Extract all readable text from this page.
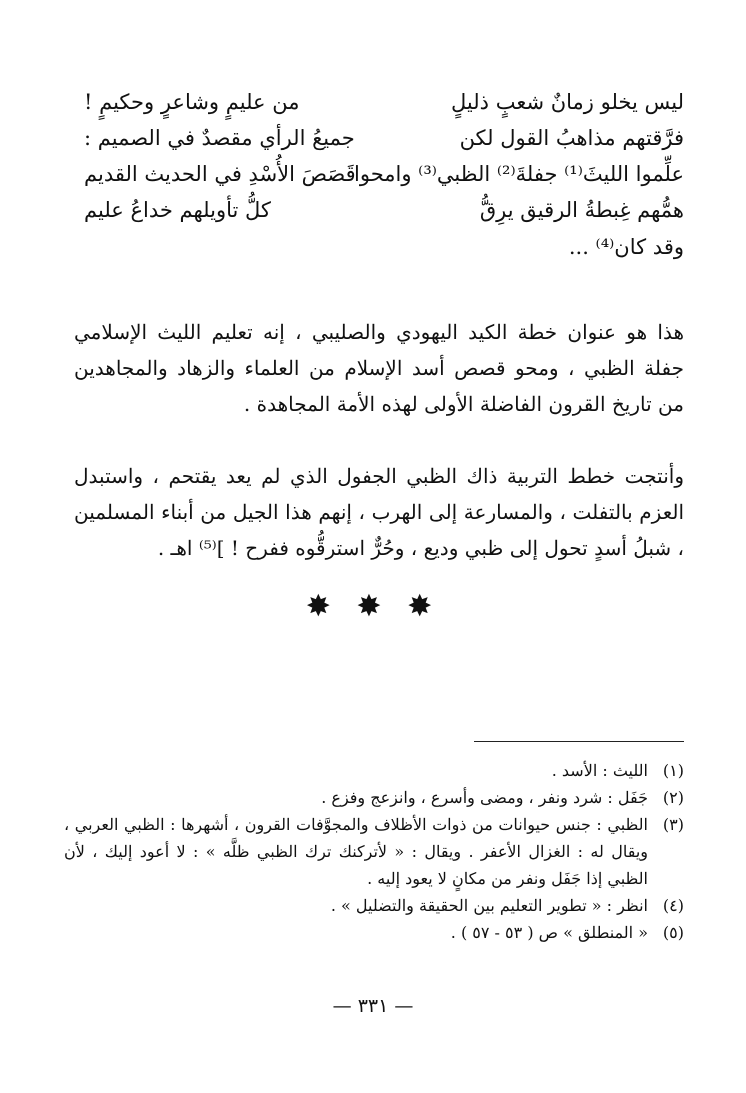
ليس يخلو زمانٌ شعبٍ ذليلٍ
من عليمٍ وشاعرٍ وحكيمٍ !
فرَّقتهم مذاهبُ القول لكن
جميعُ الرأي مقصدٌ في الصميم :
علِّموا الليثَ⁽¹⁾ جفلةَ⁽²⁾ الظبي⁽³⁾ وامحوا
قَصَصَ الأُسْدِ في الحديث القديم
همُّهم غِبطةُ الرقيق يرِقُّ
كلُّ تأويلهم خداعُ عليم
وقد كان⁽⁴⁾ ...

هذا هو عنوان خطة الكيد اليهودي والصليبي ، إنه تعليم الليث الإسلامي جفلة الظبي ، ومحو قصص أسد الإسلام من العلماء والزهاد والمجاهدين من تاريخ القرون الفاضلة الأولى لهذه الأمة المجاهدة .

وأنتجت خطط التربية ذاك الظبي الجفول الذي لم يعد يقتحم ، واستبدل العزم بالتفلت ، والمسارعة إلى الهرب ، إنهم هذا الجيل من أبناء المسلمين ، شبلُ أسدٍ تحول إلى ظبي وديع ، وحُرٌّ استرقُّوه ففرح ! ]⁽⁵⁾ اهـ .

✸ ✸ ✸
(١)
الليث : الأسد .
(٢)
جَفَل : شرد ونفر ، ومضى وأسرع ، وانزعج وفزع .
(٣)
الظبي : جنس حيوانات من ذوات الأظلاف والمجوَّفات القرون ، أشهرها : الظبي العربي ، ويقال له : الغزال الأعفر . ويقال : « لأتركنك ترك الظبي ظلَّه » : لا أعود إليك ، لأن الظبي إذا جَفَل ونفر من مكانٍ لا يعود إليه .
(٤)
انظر : « تطوير التعليم بين الحقيقة والتضليل » .
(٥)
« المنطلق » ص ( ٥٣ - ٥٧ ) .
— ٣٣١ —
